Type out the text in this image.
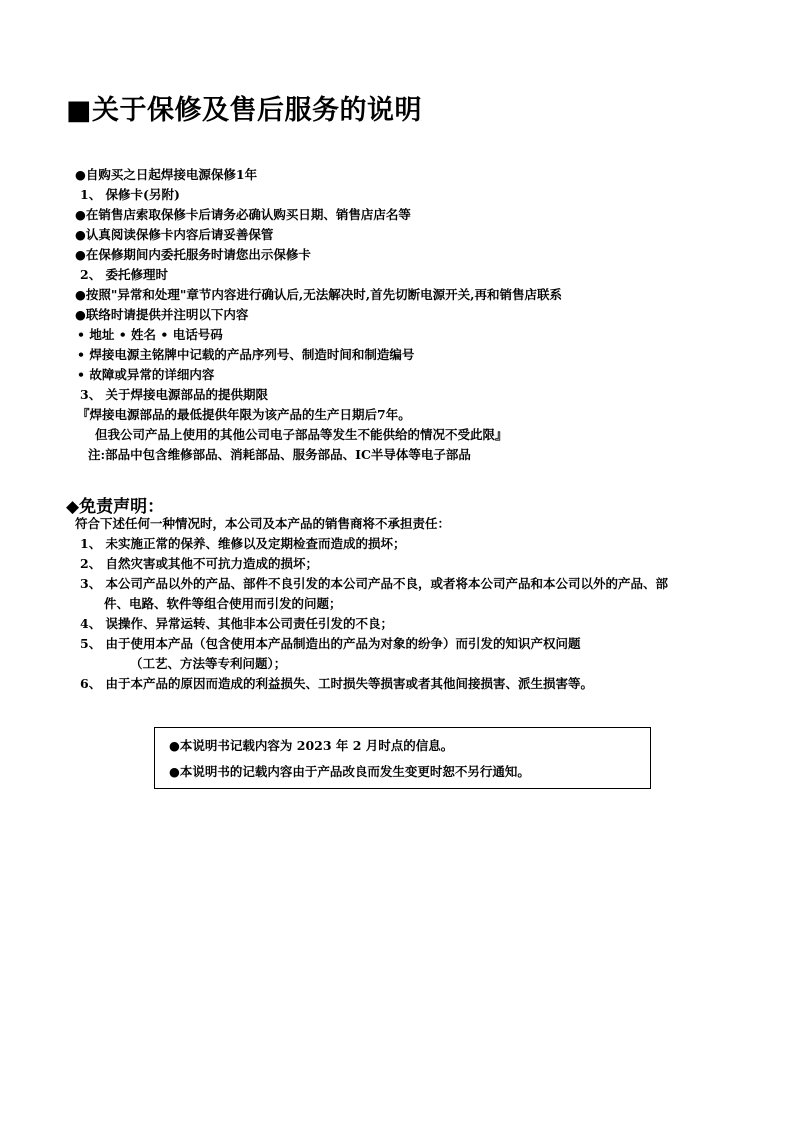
■关于保修及售后服务的说明
●自购买之日起焊接电源保修1年
1、 保修卡(另附)
●在销售店索取保修卡后请务必确认购买日期、销售店店名等
●认真阅读保修卡内容后请妥善保管
●在保修期间内委托服务时请您出示保修卡
2、 委托修理时
●按照"异常和处理"章节内容进行确认后,无法解决时,首先切断电源开关,再和销售店联系
●联络时请提供并注明以下内容
• 地址 • 姓名 • 电话号码
• 焊接电源主铭牌中记载的产品序列号、制造时间和制造编号
• 故障或异常的详细内容
3、 关于焊接电源部品的提供期限
『焊接电源部品的最低提供年限为该产品的生产日期后7年。
但我公司产品上使用的其他公司电子部品等发生不能供给的情况不受此限』
注:部品中包含维修部品、消耗部品、服务部品、IC半导体等电子部品
◆免责声明：
符合下述任何一种情况时，本公司及本产品的销售商将不承担责任：
1、 未实施正常的保养、维修以及定期检查而造成的损坏；
2、 自然灾害或其他不可抗力造成的损坏；
3、 本公司产品以外的产品、部件不良引发的本公司产品不良，或者将本公司产品和本公司以外的产品、部
件、电路、软件等组合使用而引发的问题；
4、 误操作、异常运转、其他非本公司责任引发的不良；
5、 由于使用本产品（包含使用本产品制造出的产品为对象的纷争）而引发的知识产权问题
（工艺、方法等专利问题）；
6、 由于本产品的原因而造成的利益损失、工时损失等损害或者其他间接损害、派生损害等。
●本说明书记载内容为 2023 年 2 月时点的信息。
●本说明书的记载内容由于产品改良而发生变更时恕不另行通知。
